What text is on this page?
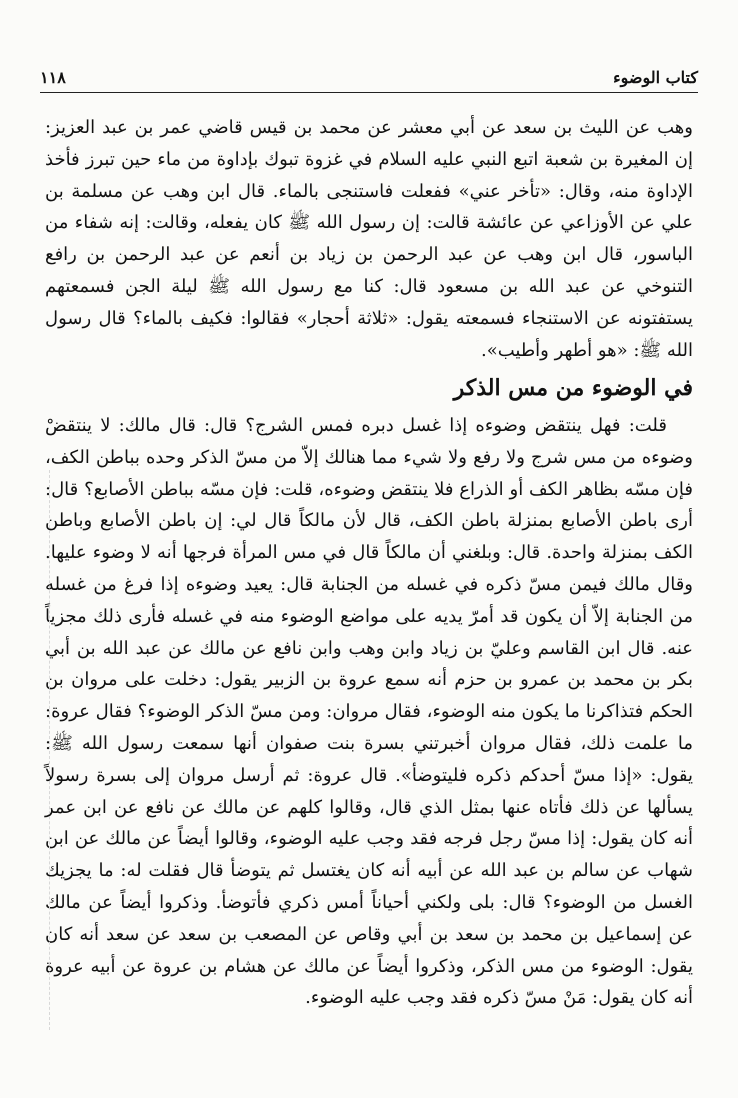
كتاب الوضوء
١١٨

وهب عن الليث بن سعد عن أبي معشر عن محمد بن قيس قاضي عمر بن عبد العزيز: إن المغيرة بن شعبة اتبع النبي عليه السلام في غزوة تبوك بإداوة من ماء حين تبرز فأخذ الإداوة منه، وقال: «تأخر عني» ففعلت فاستنجى بالماء. قال ابن وهب عن مسلمة بن علي عن الأوزاعي عن عائشة قالت: إن رسول الله ﷺ كان يفعله، وقالت: إنه شفاء من الباسور، قال ابن وهب عن عبد الرحمن بن زياد بن أنعم عن عبد الرحمن بن رافع التنوخي عن عبد الله بن مسعود قال: كنا مع رسول الله ﷺ ليلة الجن فسمعتهم يستفتونه عن الاستنجاء فسمعته يقول: «ثلاثة أحجار» فقالوا: فكيف بالماء؟ قال رسول الله ﷺ: «هو أطهر وأطيب».

في الوضوء من مس الذكر

قلت: فهل ينتقض وضوءه إذا غسل دبره فمس الشرج؟ قال: قال مالك: لا ينتقضْ وضوءه من مس شرج ولا رفع ولا شيء مما هنالك إلاّ من مسّ الذكر وحده بباطن الكف، فإن مسّه بظاهر الكف أو الذراع فلا ينتقض وضوءه، قلت: فإن مسّه بباطن الأصابع؟ قال: أرى باطن الأصابع بمنزلة باطن الكف، قال لأن مالكاً قال لي: إن باطن الأصابع وباطن الكف بمنزلة واحدة. قال: وبلغني أن مالكاً قال في مس المرأة فرجها أنه لا وضوء عليها. وقال مالك فيمن مسّ ذكره في غسله من الجنابة قال: يعيد وضوءه إذا فرغ من غسله من الجنابة إلاّ أن يكون قد أمرّ يديه على مواضع الوضوء منه في غسله فأرى ذلك مجزياً عنه. قال ابن القاسم وعليّ بن زياد وابن وهب وابن نافع عن مالك عن عبد الله بن أبي بكر بن محمد بن عمرو بن حزم أنه سمع عروة بن الزبير يقول: دخلت على مروان بن الحكم فتذاكرنا ما يكون منه الوضوء، فقال مروان: ومن مسّ الذكر الوضوء؟ فقال عروة: ما علمت ذلك، فقال مروان أخبرتني بسرة بنت صفوان أنها سمعت رسول الله ﷺ: يقول: «إذا مسّ أحدكم ذكره فليتوضأ». قال عروة: ثم أرسل مروان إلى بسرة رسولاً يسألها عن ذلك فأتاه عنها بمثل الذي قال، وقالوا كلهم عن مالك عن نافع عن ابن عمر أنه كان يقول: إذا مسّ رجل فرجه فقد وجب عليه الوضوء، وقالوا أيضاً عن مالك عن ابن شهاب عن سالم بن عبد الله عن أبيه أنه كان يغتسل ثم يتوضأ قال فقلت له: ما يجزيك الغسل من الوضوء؟ قال: بلى ولكني أحياناً أمس ذكري فأتوضأ. وذكروا أيضاً عن مالك عن إسماعيل بن محمد بن سعد بن أبي وقاص عن المصعب بن سعد عن سعد أنه كان يقول: الوضوء من مس الذكر، وذكروا أيضاً عن مالك عن هشام بن عروة عن أبيه عروة أنه كان يقول: مَنْ مسّ ذكره فقد وجب عليه الوضوء.
